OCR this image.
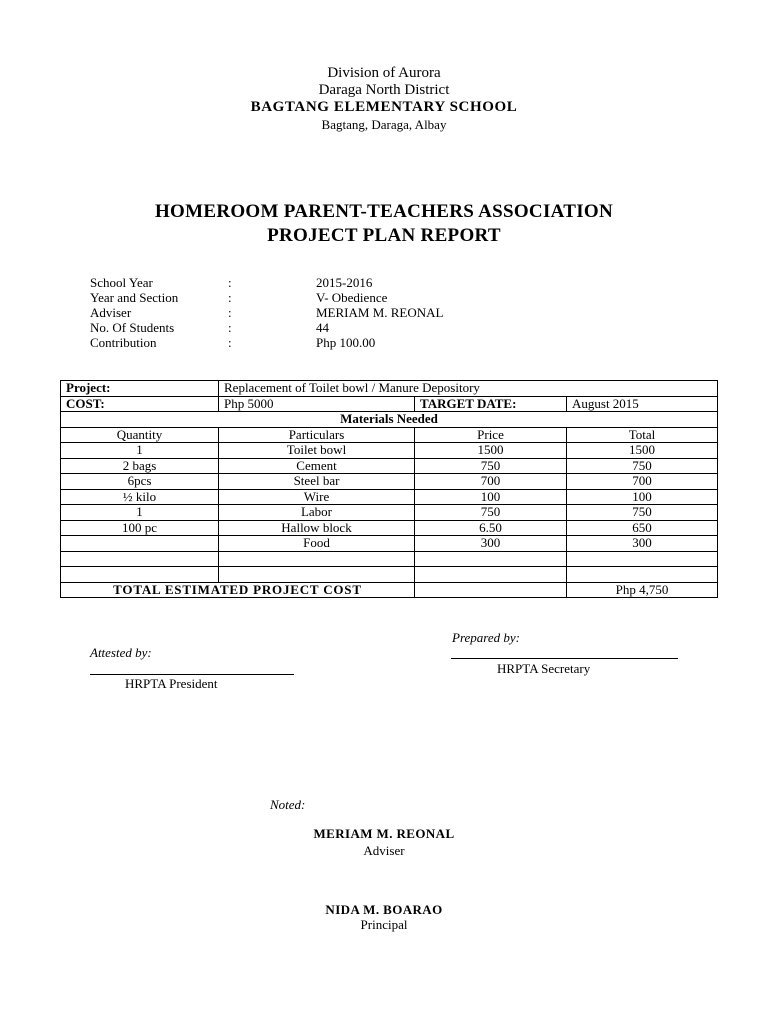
Division of Aurora
Daraga North District
BAGTANG ELEMENTARY SCHOOL
Bagtang, Daraga, Albay
HOMEROOM PARENT-TEACHERS ASSOCIATION
PROJECT PLAN REPORT
School Year	:	2015-2016
Year and Section	:	V- Obedience
Adviser	:	MERIAM M. REONAL
No. Of Students	:	44
Contribution	:	Php 100.00
Project:	Replacement of Toilet bowl / Manure Depository		
COST:	Php 5000	TARGET DATE:	August 2015
Materials Needed			
Quantity	Particulars	Price	Total
1	Toilet bowl	1500	1500
2 bags	Cement	750	750
6pcs	Steel bar	700	700
½ kilo	Wire	100	100
1	Labor	750	750
100 pc	Hallow block	6.50	650
	Food	300	300

TOTAL ESTIMATED PROJECT COST			Php 4,750
Prepared by:
HRPTA Secretary
Attested by:
HRPTA President
Noted:
MERIAM M. REONAL
Adviser
NIDA M. BOARAO
Principal
